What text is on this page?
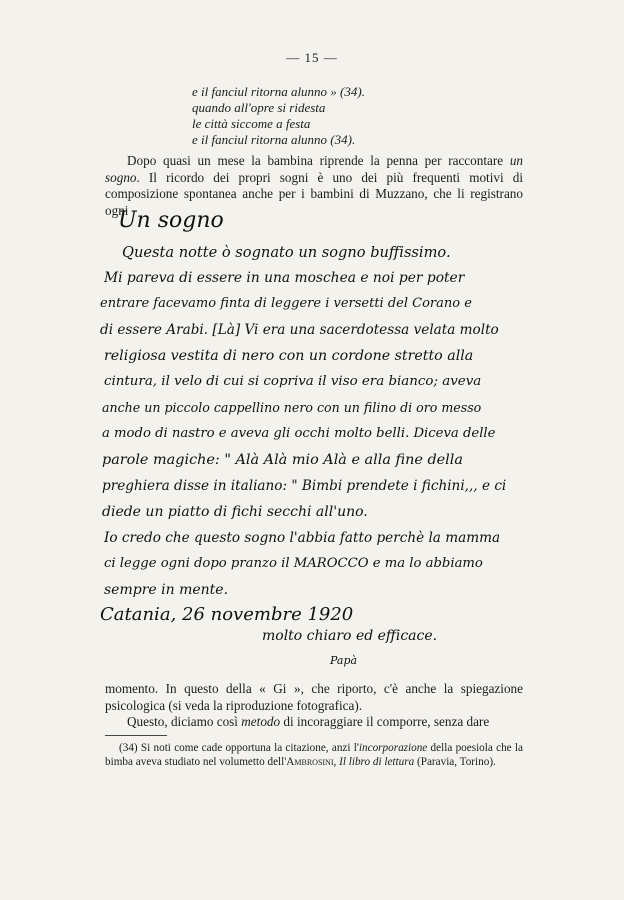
— 15 —
e il fanciul ritorna alunno » (34).
quando all'opre si ridesta
le città siccome a festa
e il fanciul ritorna alunno (34).

Dopo quasi un mese la bambina riprende la penna per raccontare un sogno. Il ricordo dei propri sogni è uno dei più frequenti motivi di composizione spontanea anche per i bambini di Muzzano, che li registrano ogni

Un sogno
Questa notte ò sognato un sogno buffissimo.
Mi pareva di essere in una moschea e noi per poter
entrare facevamo finta di leggere i versetti del Corano e
di essere Arabi. [Là] Vi era una sacerdotessa velata molto
religiosa vestita di nero con un cordone stretto alla
cintura, il velo di cui si copriva il viso era bianco; aveva
anche un piccolo cappellino nero con un filino di oro messo
a modo di nastro e aveva gli occhi molto belli. Diceva delle
parole magiche: " Alà Alà mio Alà e alla fine della
preghiera disse in italiano: " Bimbi prendete i fichini,,, e ci
diede un piatto di fichi secchi all'uno.
Io credo che questo sogno l'abbia fatto perchè la mamma
ci legge ogni dopo pranzo il MAROCCO e ma lo abbiamo
sempre in mente.
Catania, 26 novembre 1920
molto chiaro ed efficace.
Papà

momento. In questo della « Gi », che riporto, c'è anche la spiegazione psicologica (si veda la riproduzione fotografica).

Questo, diciamo così metodo di incoraggiare il comporre, senza dare

(34) Si noti come cade opportuna la citazione, anzi l'incorporazione della poesiola che la bimba aveva studiato nel volumetto dell'Ambrosini, Il libro di lettura (Paravia, Torino).
